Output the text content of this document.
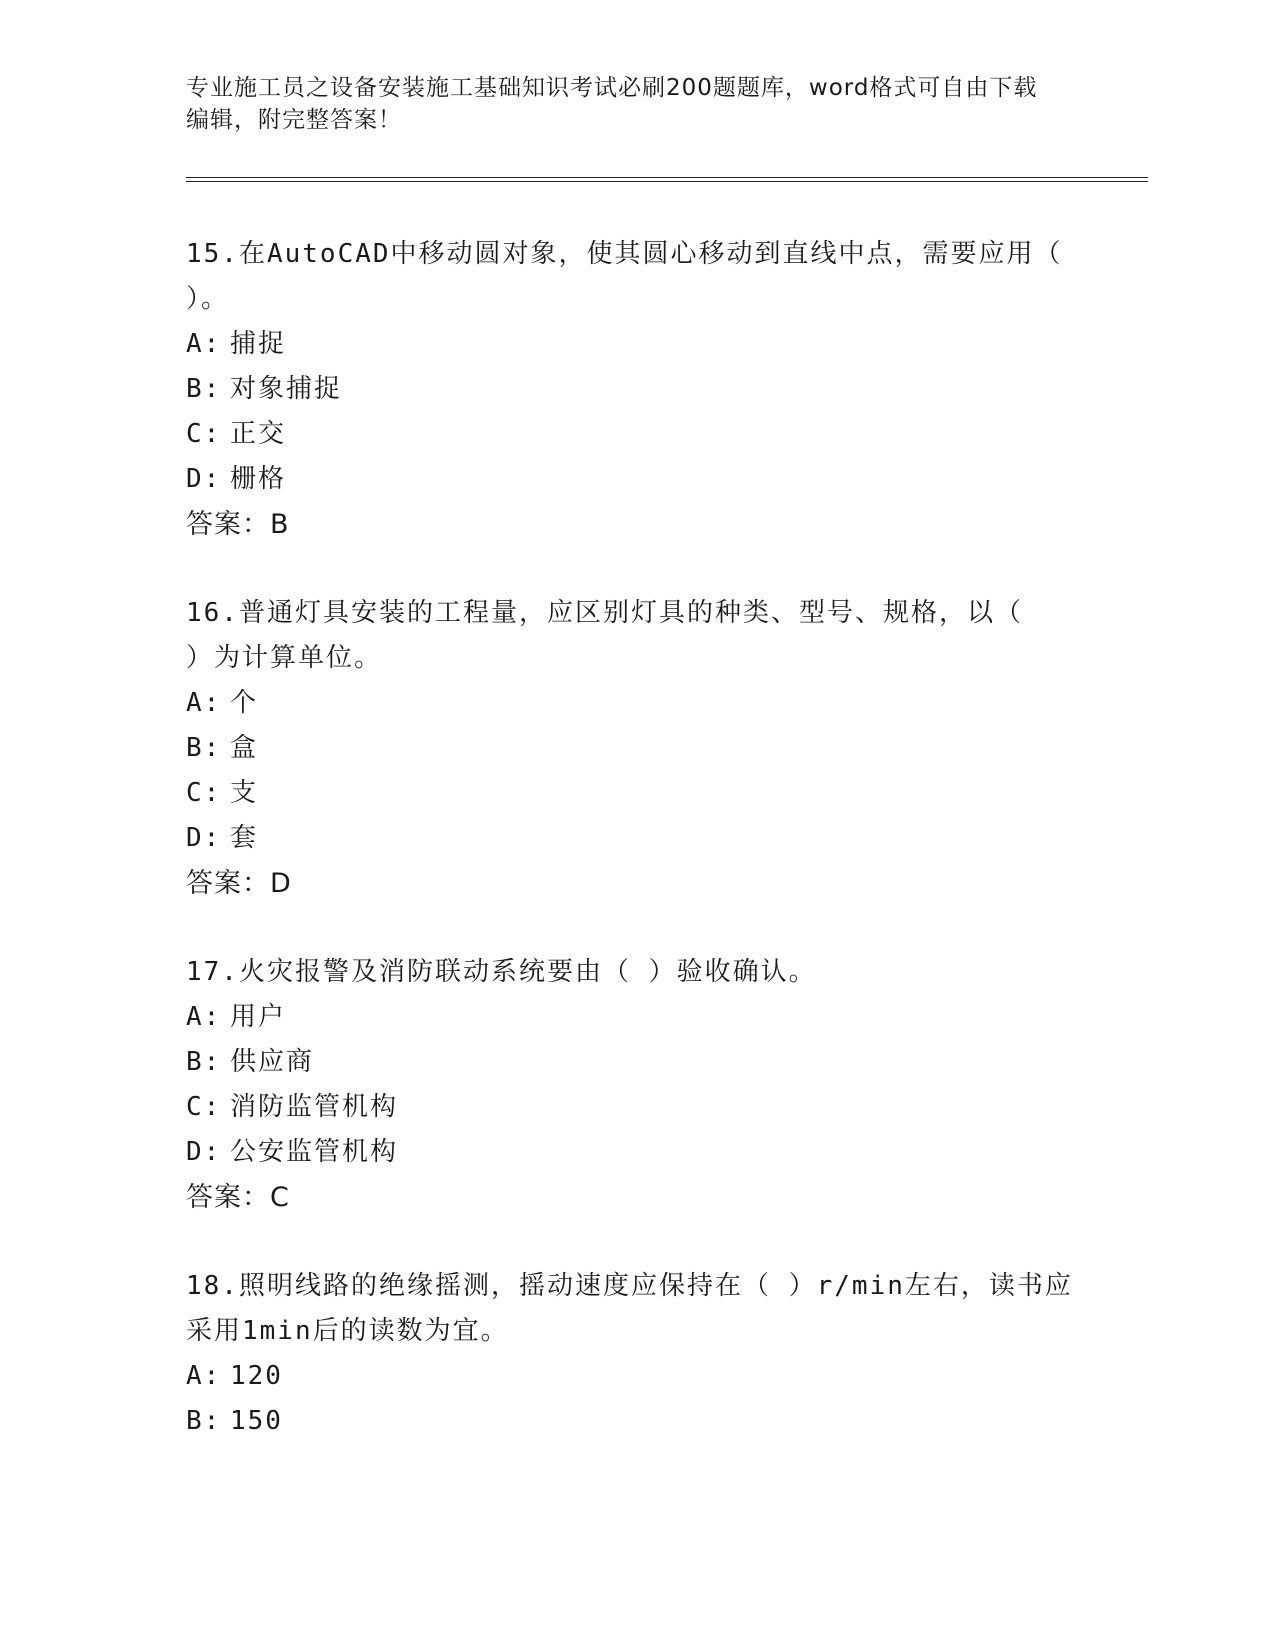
专业施工员之设备安装施工基础知识考试必刷200题题库，word格式可自由下载
编辑，附完整答案！

15.在AutoCAD中移动圆对象，使其圆心移动到直线中点，需要应用（

）。

A: 捕捉
B: 对象捕捉
C: 正交
D: 栅格
答案：B

16.普通灯具安装的工程量，应区别灯具的种类、型号、规格，以（

）为计算单位。

A: 个
B: 盒
C: 支
D: 套
答案：D

17.火灾报警及消防联动系统要由（ ）验收确认。

A: 用户
B: 供应商
C: 消防监管机构
D: 公安监管机构
答案：C

18.照明线路的绝缘摇测，摇动速度应保持在（ ）r/min左右，读书应

采用1min后的读数为宜。

A: 120
B: 150
